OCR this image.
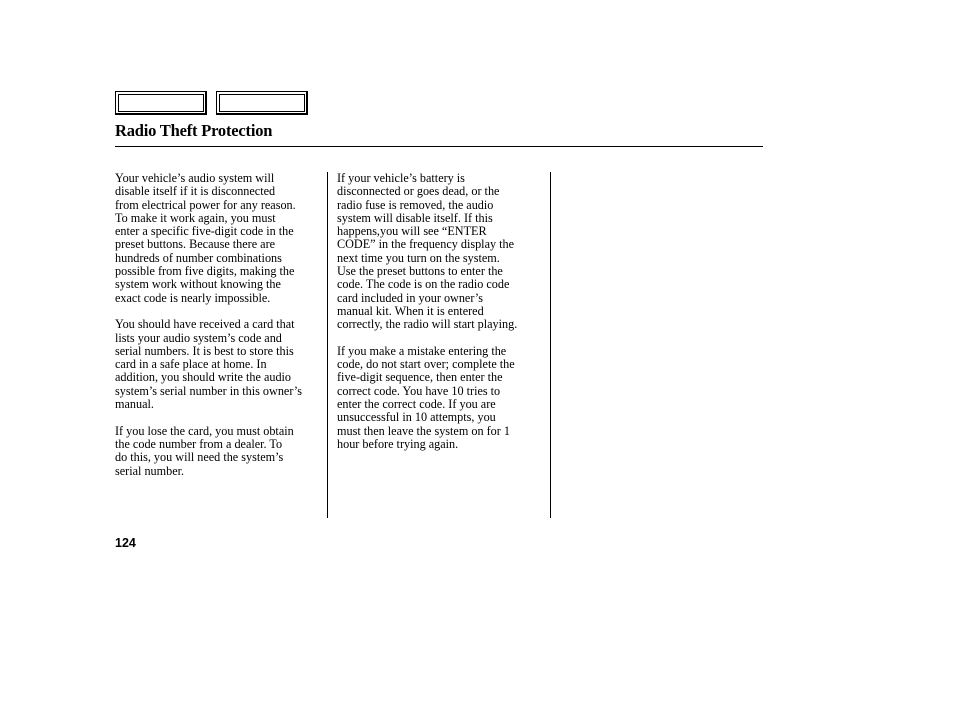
Radio Theft Protection

Your vehicle’s audio system will
disable itself if it is disconnected
from electrical power for any reason.
To make it work again, you must
enter a specific five-digit code in the
preset buttons. Because there are
hundreds of number combinations
possible from five digits, making the
system work without knowing the
exact code is nearly impossible.

You should have received a card that
lists your audio system’s code and
serial numbers. It is best to store this
card in a safe place at home. In
addition, you should write the audio
system’s serial number in this owner’s
manual.

If you lose the card, you must obtain
the code number from a dealer. To
do this, you will need the system’s
serial number.

If your vehicle’s battery is
disconnected or goes dead, or the
radio fuse is removed, the audio
system will disable itself. If this
happens,you will see “ENTER
CODE” in the frequency display the
next time you turn on the system.
Use the preset buttons to enter the
code. The code is on the radio code
card included in your owner’s
manual kit. When it is entered
correctly, the radio will start playing.

If you make a mistake entering the
code, do not start over; complete the
five-digit sequence, then enter the
correct code. You have 10 tries to
enter the correct code. If you are
unsuccessful in 10 attempts, you
must then leave the system on for 1
hour before trying again.

124
